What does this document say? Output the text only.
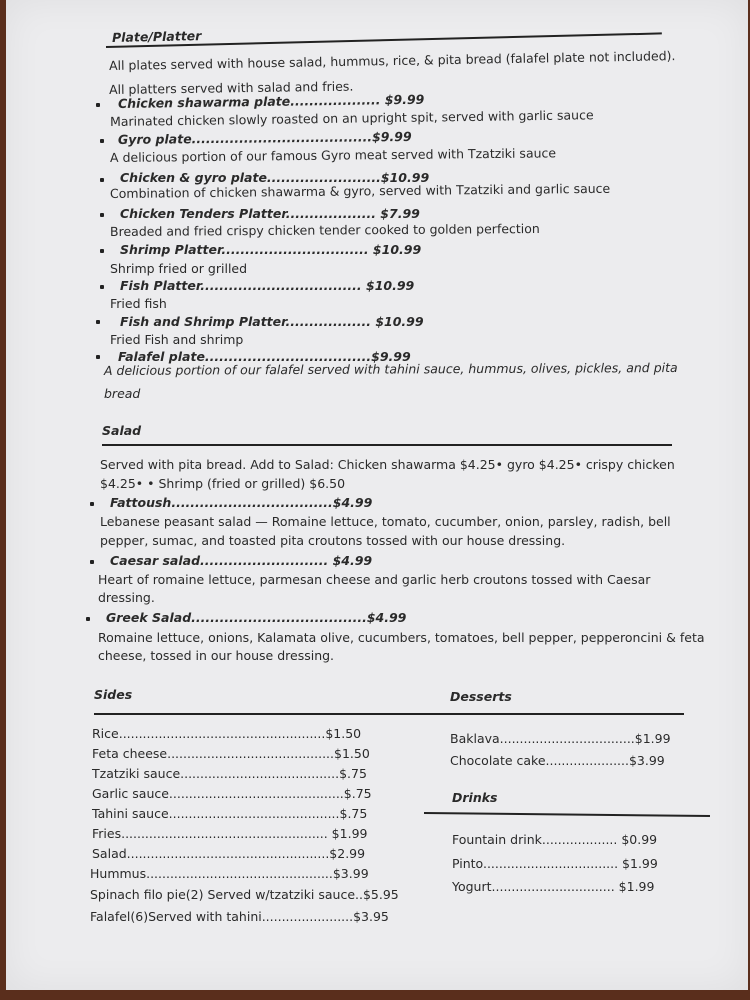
Plate/Platter
All plates served with house salad, hummus, rice, & pita bread (falafel plate not included).
All platters served with salad and fries.
Chicken shawarma plate................... $9.99
Marinated chicken slowly roasted on an upright spit, served with garlic sauce
Gyro plate......................................$9.99
A delicious portion of our famous Gyro meat served with Tzatziki sauce
Chicken & gyro plate........................$10.99
Combination of chicken shawarma & gyro, served with Tzatziki and garlic sauce
Chicken Tenders Platter................... $7.99
Breaded and fried crispy chicken tender cooked to golden perfection
Shrimp Platter............................... $10.99
Shrimp fried or grilled
Fish Platter.................................. $10.99
Fried fish
Fish and Shrimp Platter.................. $10.99
Fried Fish and shrimp
Falafel plate...................................$9.99
A delicious portion of our falafel served with tahini sauce, hummus, olives, pickles, and pita
bread
Salad
Served with pita bread. Add to Salad: Chicken shawarma $4.25• gyro $4.25• crispy chicken
$4.25• • Shrimp (fried or grilled) $6.50
Fattoush..................................$4.99
Lebanese peasant salad — Romaine lettuce, tomato, cucumber, onion, parsley, radish, bell
pepper, sumac, and toasted pita croutons tossed with our house dressing.
Caesar salad........................... $4.99
Heart of romaine lettuce, parmesan cheese and garlic herb croutons tossed with Caesar
dressing.
Greek Salad.....................................$4.99
Romaine lettuce, onions, Kalamata olive, cucumbers, tomatoes, bell pepper, pepperoncini & feta
cheese, tossed in our house dressing.
Sides
Rice....................................................$1.50
Feta cheese..........................................$1.50
Tzatziki sauce........................................$.75
Garlic sauce............................................$.75
Tahini sauce...........................................$.75
Fries.................................................... $1.99
Salad...................................................$2.99
Hummus...............................................$3.99
Spinach filo pie(2) Served w/tzatziki sauce..$5.95
Falafel(6)Served with tahini.......................$3.95
Desserts
Baklava..................................$1.99
Chocolate cake.....................$3.99
Drinks
Fountain drink................... $0.99
Pinto.................................. $1.99
Yogurt............................... $1.99
